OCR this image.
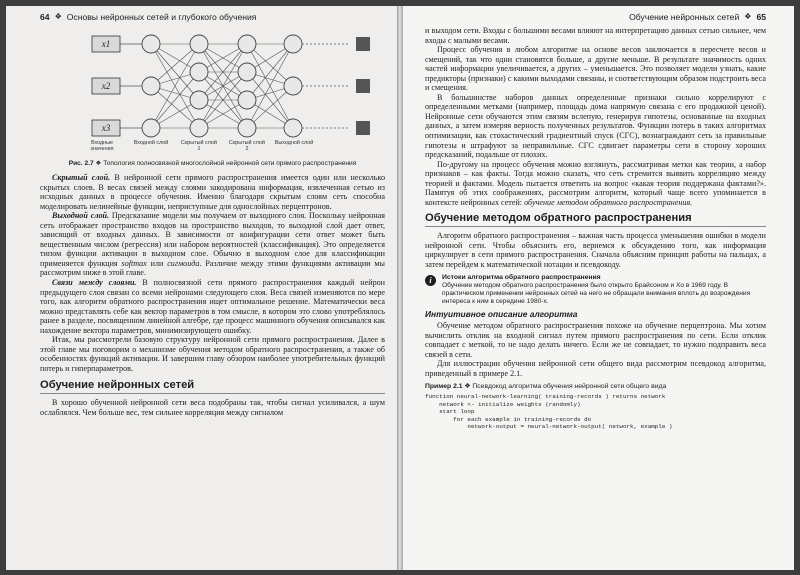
64 ❖ Основы нейронных сетей и глубокого обучения
x1
x2
x3
Входные значения
Входной слой Скрытый слой 1
Скрытый слой 2
Выходной слой
Рис. 2.7 ❖ Топология полносвязной многослойной нейронной сети прямого распространения

Скрытый слой. В нейронной сети прямого распространения имеется один или несколько скрытых слоев. В весах связей между слоями закодирована информация, извлеченная сетью из исходных данных в процессе обучения. Именно благодаря скрытым слоям сеть способна моделировать нелинейные функции, неприступные для однослойных перцептронов.

Выходной слой. Предсказание модели мы получаем от выходного слоя. Поскольку нейронная сеть отображает пространство входов на пространство выходов, то выходной слой дает ответ, зависящий от входных данных. В зависимости от конфигурации сети ответ может быть вещественным числом (регрессия) или набором вероятностей (классификация). Это определяется типом функции активации в выходном слое. Обычно в выходном слое для классификации применяется функция softmax или сигмоида. Различие между этими функциями активации мы рассмотрим ниже в этой главе.

Связи между слоями. В полносвязной сети прямого распространения каждый нейрон предыдущего слоя связан со всеми нейронами следующего слоя. Веса связей изменяются по мере того, как алгоритм обратного распространения ищет оптимальное решение. Математически веса можно представлять себе как вектор параметров в том смысле, в котором это слово употреблялось ранее в разделе, посвященном линейной алгебре, где процесс машинного обучения описывался как нахождение вектора параметров, минимизирующего ошибку.

Итак, мы рассмотрели базовую структуру нейронной сети прямого распространения. Далее в этой главе мы поговорим о механизме обучения методом обратного распространения, а также об особенностях функций активации. И завершим главу обзором наиболее употребительных функций потерь и гиперпараметров.

Обучение нейронных сетей

В хорошо обученной нейронной сети веса подобраны так, чтобы сигнал усиливался, а шум ослаблялся. Чем больше вес, тем сильнее корреляция между сигналом

Обучение нейронных сетей ❖ 65

и выходом сети. Входы с большими весами влияют на интерпретацию данных сетью сильнее, чем входы с малыми весами.

Процесс обучения в любом алгоритме на основе весов заключается в пересчете весов и смещений, так что одни становятся больше, а другие меньше. В результате значимость одних частей информации увеличивается, а других – уменьшается. Это позволяет модели узнать, какие предикторы (признаки) с какими выходами связаны, и соответствующим образом подстроить веса и смещения.

В большинстве наборов данных определенные признаки сильно коррелируют с определенными метками (например, площадь дома напрямую связана с его продажной ценой). Нейронные сети обучаются этим связям вслепую, генерируя гипотезы, основанные на входных данных, а затем измеряя верность полученных результатов. Функции потерь в таких алгоритмах оптимизации, как стохастический градиентный спуск (СГС), вознаграждают сеть за правильные гипотезы и штрафуют за неправильные. СГС сдвигает параметры сети в сторону хороших предсказаний, подальше от плохих.

По-другому на процесс обучения можно взглянуть, рассматривая метки как теории, а набор признаков – как факты. Тогда можно сказать, что сеть стремится выявить корреляцию между теорией и фактами. Модель пытается ответить на вопрос «какая теория поддержана фактами?». Памятуя об этих соображениях, рассмотрим алгоритм, который чаще всего упоминается в контексте нейронных сетей: обучение методом обратного распространения.

Обучение методом обратного распространения

Алгоритм обратного распространения – важная часть процесса уменьшения ошибки в модели нейронной сети. Чтобы объяснить его, вернемся к обсуждению того, как информация циркулирует в сети прямого распространения. Сначала объясним принцип работы на пальцах, а затем перейдем к математической нотации и псевдокоду.

i	Истоки алгоритма обратного распространения
Обучение методом обратного распространения было открыто Брайсоном и Хо в 1969 году. В практическом применении нейронных сетей на него не обращали внимания вплоть до возрождения интереса к ним в середине 1980-х.
Интуитивное описание алгоритма

Обучение методом обратного распространения похоже на обучение перцептрона. Мы хотим вычислить отклик на входной сигнал путем прямого распространения по сети. Если отклик совпадает с меткой, то не надо делать ничего. Если же не совпадает, то нужно подправить веса связей в сети.

Для иллюстрации обучения нейронной сети общего вида рассмотрим псевдокод алгоритма, приведенный в примере 2.1.

Пример 2.1 ❖ Псевдокод алгоритма обучения нейронной сети общего вида
function neural-network-learning( training-records ) returns network
network <- initialize weights (randomly)
start loop
for each example in training-records do
network-output = neural-network-output( network, example )
